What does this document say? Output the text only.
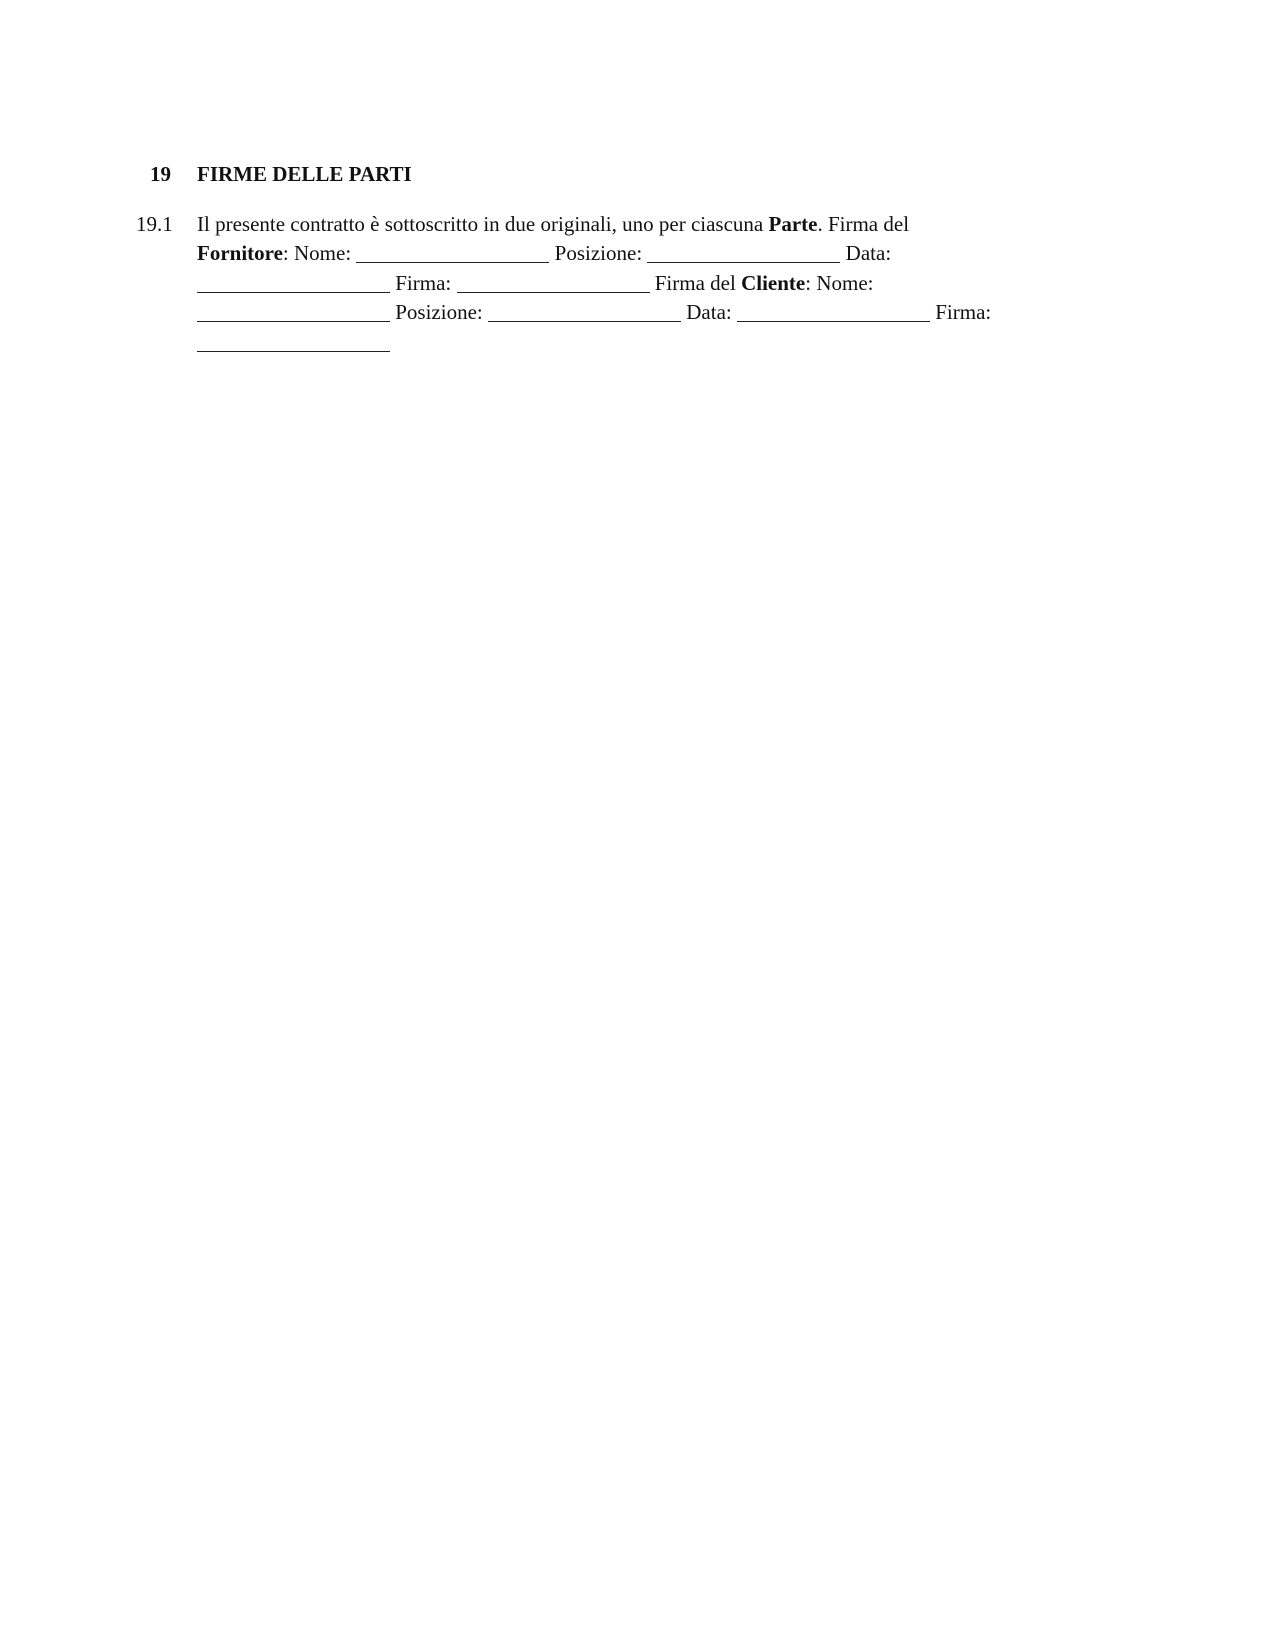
19 FIRME DELLE PARTI
19.1 Il presente contratto è sottoscritto in due originali, uno per ciascuna Parte. Firma del
Fornitore: Nome:	Posizione:	Data:
Firma:	Firma del Cliente: Nome:
Posizione:	Data:	Firma:
